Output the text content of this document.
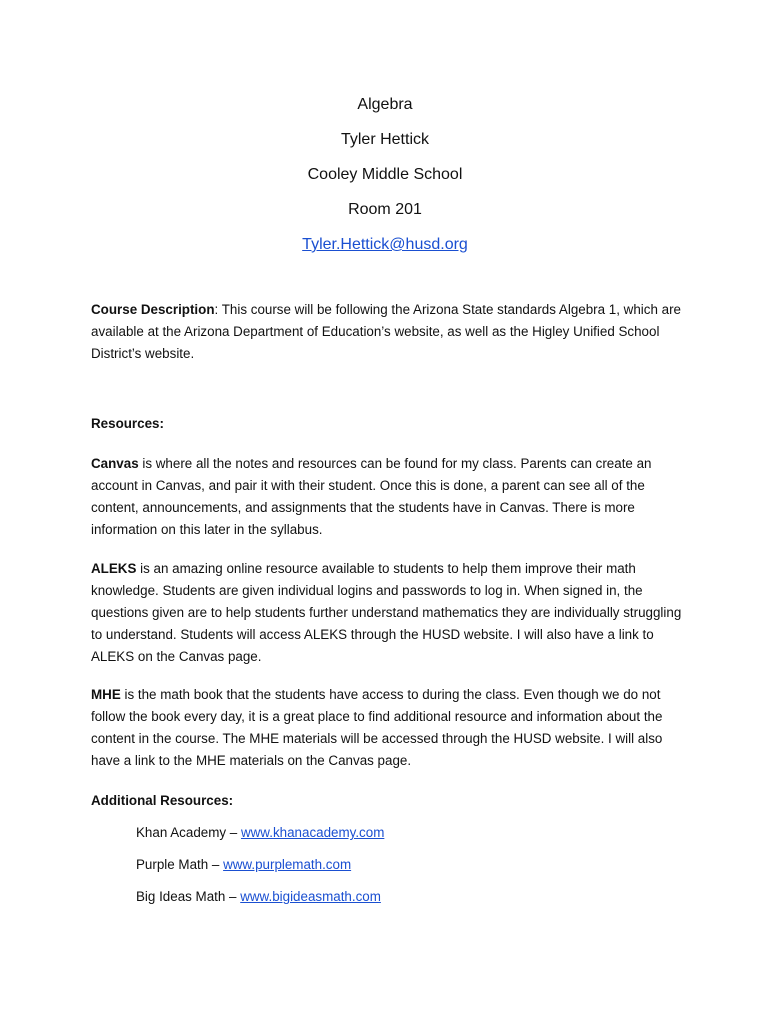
Algebra
Tyler Hettick
Cooley Middle School
Room 201
Tyler.Hettick@husd.org
Course Description: This course will be following the Arizona State standards Algebra 1, which are available at the Arizona Department of Education’s website, as well as the Higley Unified School District’s website.
Resources:
Canvas is where all the notes and resources can be found for my class. Parents can create an account in Canvas, and pair it with their student. Once this is done, a parent can see all of the content, announcements, and assignments that the students have in Canvas. There is more information on this later in the syllabus.
ALEKS is an amazing online resource available to students to help them improve their math knowledge. Students are given individual logins and passwords to log in. When signed in, the questions given are to help students further understand mathematics they are individually struggling to understand. Students will access ALEKS through the HUSD website. I will also have a link to ALEKS on the Canvas page.
MHE is the math book that the students have access to during the class. Even though we do not follow the book every day, it is a great place to find additional resource and information about the content in the course. The MHE materials will be accessed through the HUSD website. I will also have a link to the MHE materials on the Canvas page.
Additional Resources:
Khan Academy – www.khanacademy.com
Purple Math – www.purplemath.com
Big Ideas Math – www.bigideasmath.com
